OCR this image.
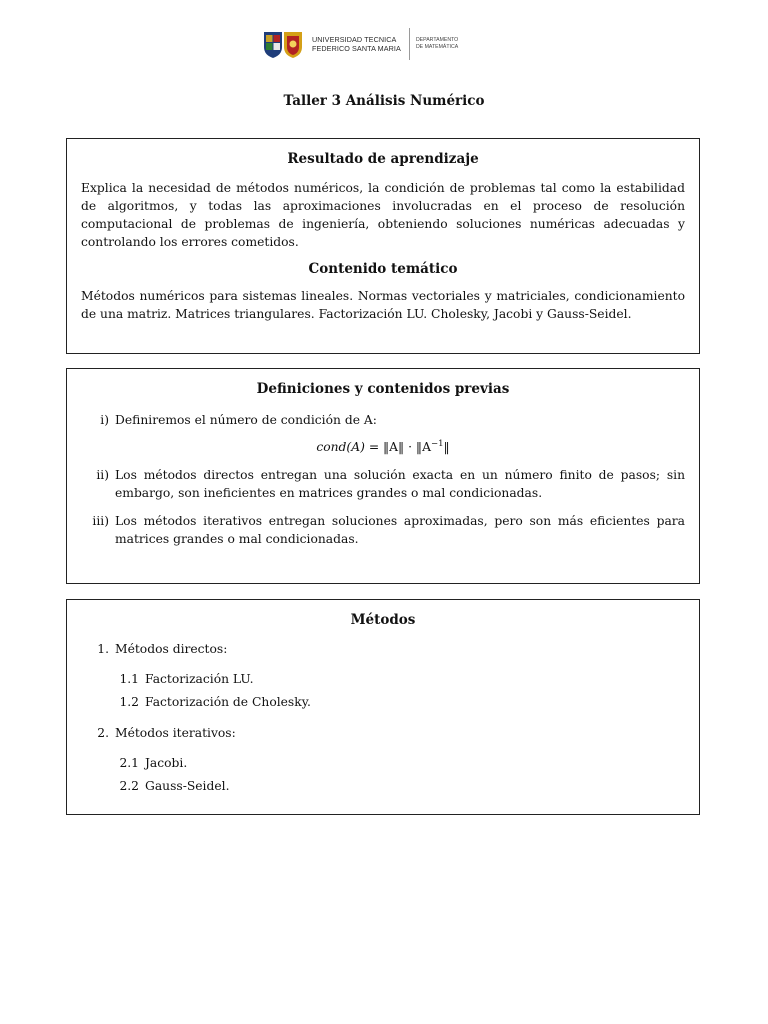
UNIVERSIDAD TECNICA
FEDERICO SANTA MARIA
DEPARTAMENTO
DE MATEMÁTICA
Taller 3 Análisis Numérico
Resultado de aprendizaje

Explica la necesidad de métodos numéricos, la condición de problemas tal como la estabilidad de algoritmos, y todas las aproximaciones involucradas en el proceso de resolución computacional de problemas de ingeniería, obteniendo soluciones numéricas adecuadas y controlando los errores cometidos.

Contenido temático

Métodos numéricos para sistemas lineales. Normas vectoriales y matriciales, condicionamiento de una matriz. Matrices triangulares. Factorización LU. Cholesky, Jacobi y Gauss-Seidel.

Definiciones y contenidos previas
i) Definiremos el número de condición de A:
cond(A) = ‖A‖ · $‖A^{-1}‖$
ii) Los métodos directos entregan una solución exacta en un número finito de pasos; sin embargo, son ineficientes en matrices grandes o mal condicionadas.
iii) Los métodos iterativos entregan soluciones aproximadas, pero son más eficientes para matrices grandes o mal condicionadas.
Métodos
1. Métodos directos:
1.1 Factorización LU.
1.2 Factorización de Cholesky.
2. Métodos iterativos:
2.1 Jacobi.
2.2 Gauss-Seidel.
